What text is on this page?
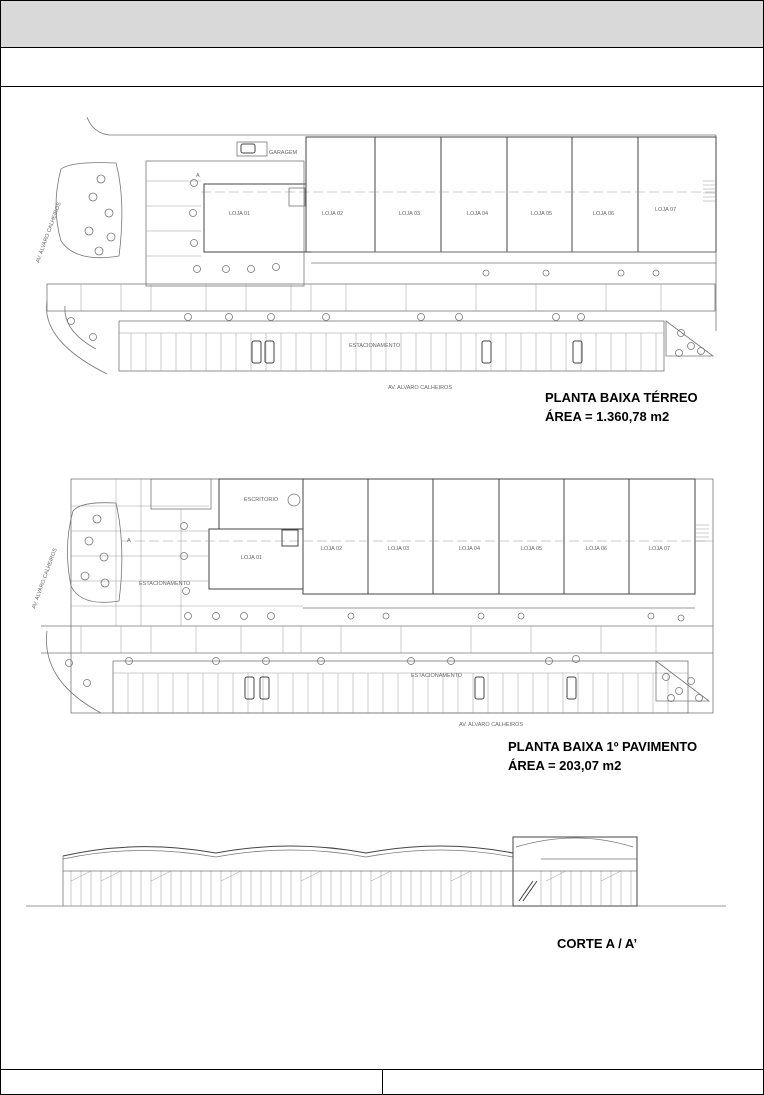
LOJA 01	LOJA 02	LOJA 03	LOJA 04	LOJA 05	LOJA 06
LOJA 07
GARAGEM
ESTACIONAMENTO
AV. ALVARO CALHEIROS
AV. ALVARO CALHEIROS
A
LOJA 01
LOJA 02	LOJA 03	LOJA 04	LOJA 05	LOJA 06	LOJA 07
ESCRITORIO
ESTACIONAMENTO
ESTACIONAMENTO
AV. ALVARO CALHEIROS
AV. ALVARO CALHEIROS
A
PLANTA BAIXA TÉRREO
ÁREA = 1.360,78 m2
PLANTA BAIXA 1º PAVIMENTO
ÁREA = 203,07 m2
CORTE A / A’
